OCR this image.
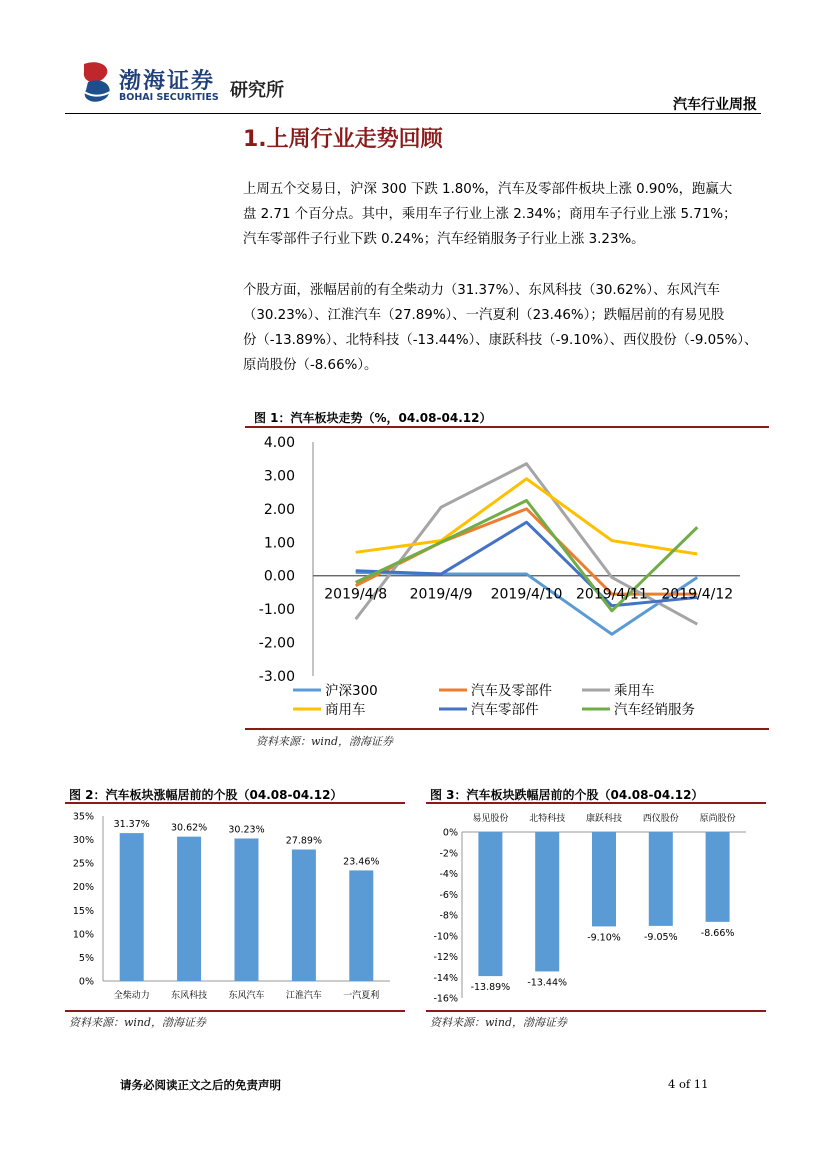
渤海证券
BOHAI SECURITIES 研究所
汽车行业周报
1.上周行业走势回顾
上周五个交易日，沪深 300 下跌 1.80%，汽车及零部件板块上涨 0.90%，跑赢大
盘 2.71 个百分点。其中，乘用车子行业上涨 2.34%；商用车子行业上涨 5.71%；
汽车零部件子行业下跌 0.24%；汽车经销服务子行业上涨 3.23%。
个股方面，涨幅居前的有全柴动力（31.37%）、东风科技（30.62%）、东风汽车
（30.23%）、江淮汽车（27.89%）、一汽夏利（23.46%）；跌幅居前的有易见股
份（-13.89%）、北特科技（-13.44%）、康跃科技（-9.10%）、西仪股份（-9.05%）、
原尚股份（-8.66%）。
图 1：汽车板块走势（%，04.08-04.12）
4.00
3.00
2.00
1.00
0.00
-1.00
-2.00
-3.00
2019/4/8 2019/4/9 2019/4/10 2019/4/11 2019/4/12
沪深300	汽车及零部件	乘用车
商用车	汽车零部件	汽车经销服务
资料来源：wind，渤海证券
图 2：汽车板块涨幅居前的个股（04.08-04.12）
35%
30%
25%
20%
15%
10%
5%
0%
31.37%
全柴动力
30.62%
东风科技
30.23%
东风汽车
27.89%
江淮汽车
23.46%
一汽夏利
资料来源：wind，渤海证券
图 3：汽车板块跌幅居前的个股（04.08-04.12）
0%
-2%
-4%
-6%
-8%
-10%
-12%
-14%
-16%
-13.89%
易见股份
-13.44%
北特科技
-9.10%
康跃科技
-9.05%
西仪股份
-8.66%
原尚股份
资料来源：wind，渤海证券
请务必阅读正文之后的免责声明	4 of 11
